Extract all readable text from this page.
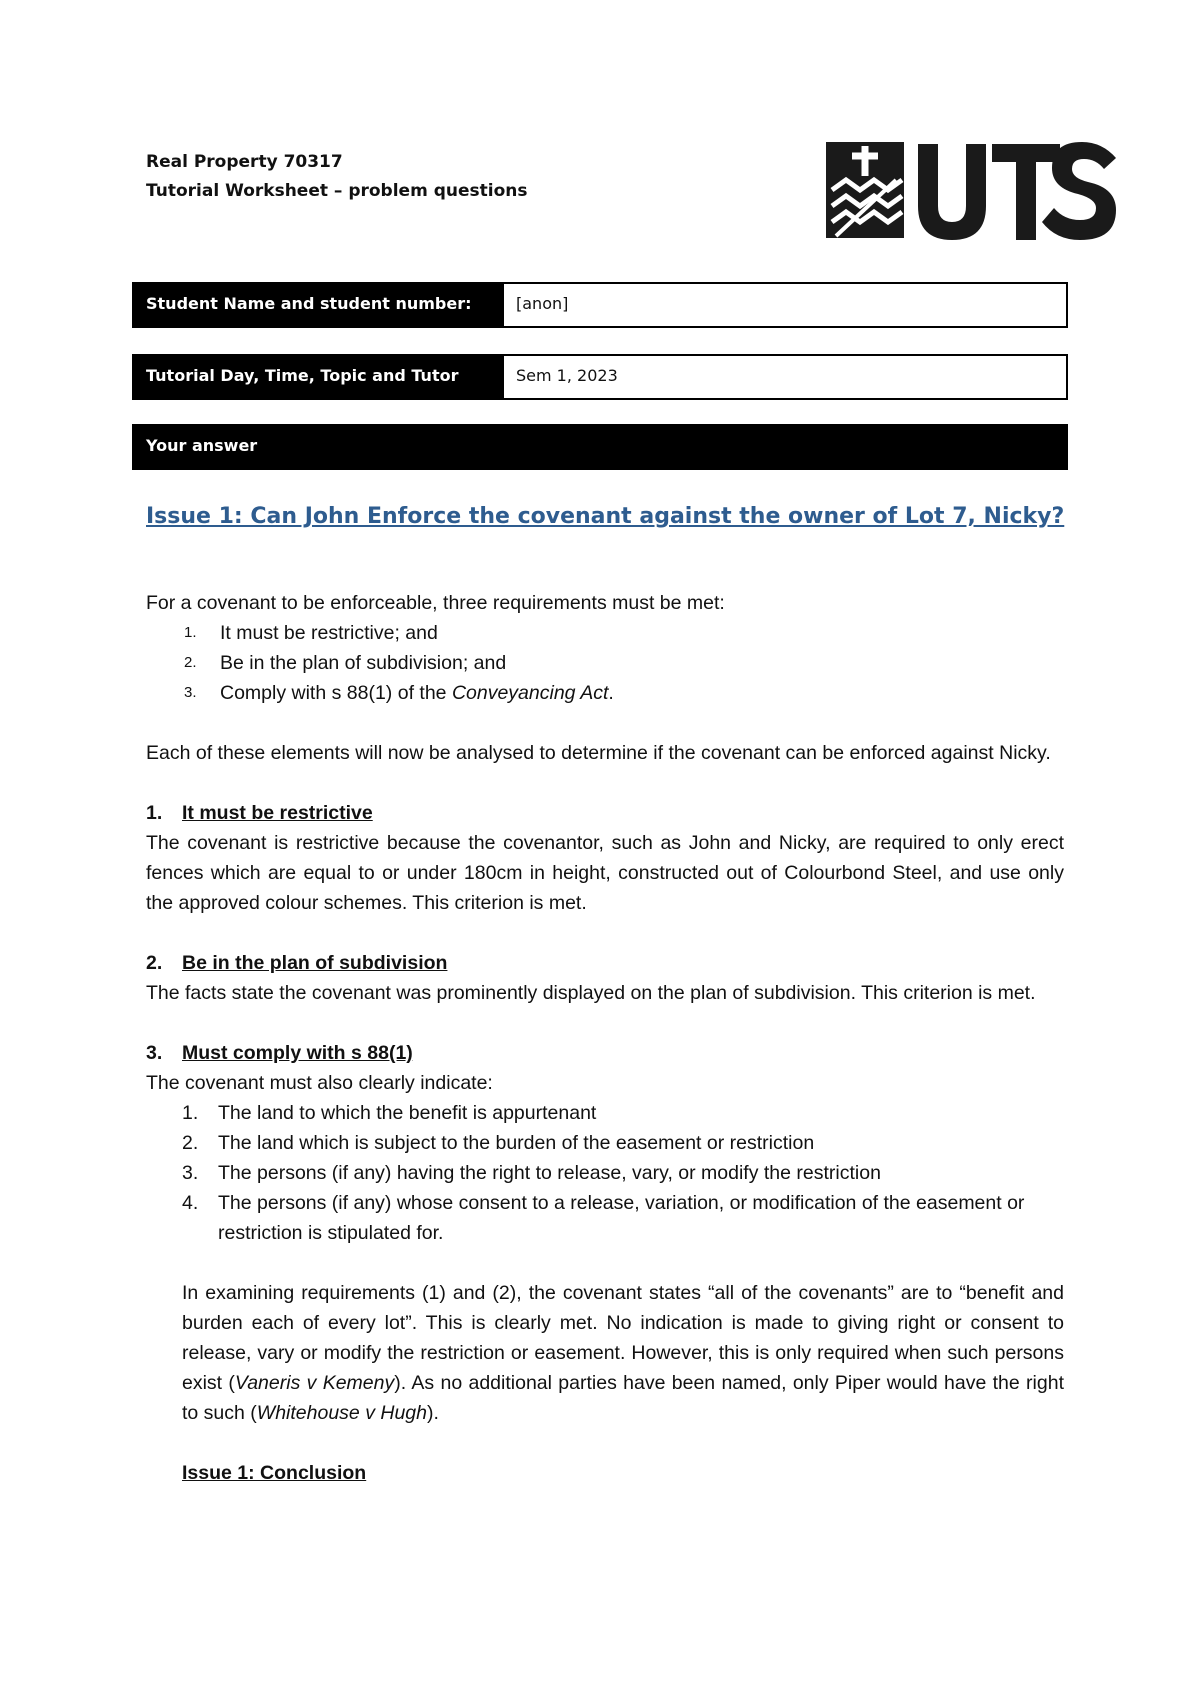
Real Property 70317
Tutorial Worksheet – problem questions
Student Name and student number:	[anon]
Tutorial Day, Time, Topic and Tutor	Sem 1, 2023
Your answer
Issue 1: Can John Enforce the covenant against the owner of Lot 7, Nicky?

For a covenant to be enforceable, three requirements must be met:

1.	It must be restrictive; and
2.	Be in the plan of subdivision; and
3.	Comply with s 88(1) of the Conveyancing Act.

Each of these elements will now be analysed to determine if the covenant can be enforced against Nicky.

1.	It must be restrictive

The covenant is restrictive because the covenantor, such as John and Nicky, are required to only erect fences which are equal to or under 180cm in height, constructed out of Colourbond Steel, and use only the approved colour schemes. This criterion is met.

2.	Be in the plan of subdivision

The facts state the covenant was prominently displayed on the plan of subdivision. This criterion is met.

3.	Must comply with s 88(1)

The covenant must also clearly indicate:

1.	The land to which the benefit is appurtenant
2.	The land which is subject to the burden of the easement or restriction
3.	The persons (if any) having the right to release, vary, or modify the restriction
4.	The persons (if any) whose consent to a release, variation, or modification of the easement or restriction is stipulated for.

In examining requirements (1) and (2), the covenant states “all of the covenants” are to “benefit and burden each of every lot”. This is clearly met. No indication is made to giving right or consent to release, vary or modify the restriction or easement. However, this is only required when such persons exist (Vaneris v Kemeny). As no additional parties have been named, only Piper would have the right to such (Whitehouse v Hugh).

Issue 1: Conclusion
